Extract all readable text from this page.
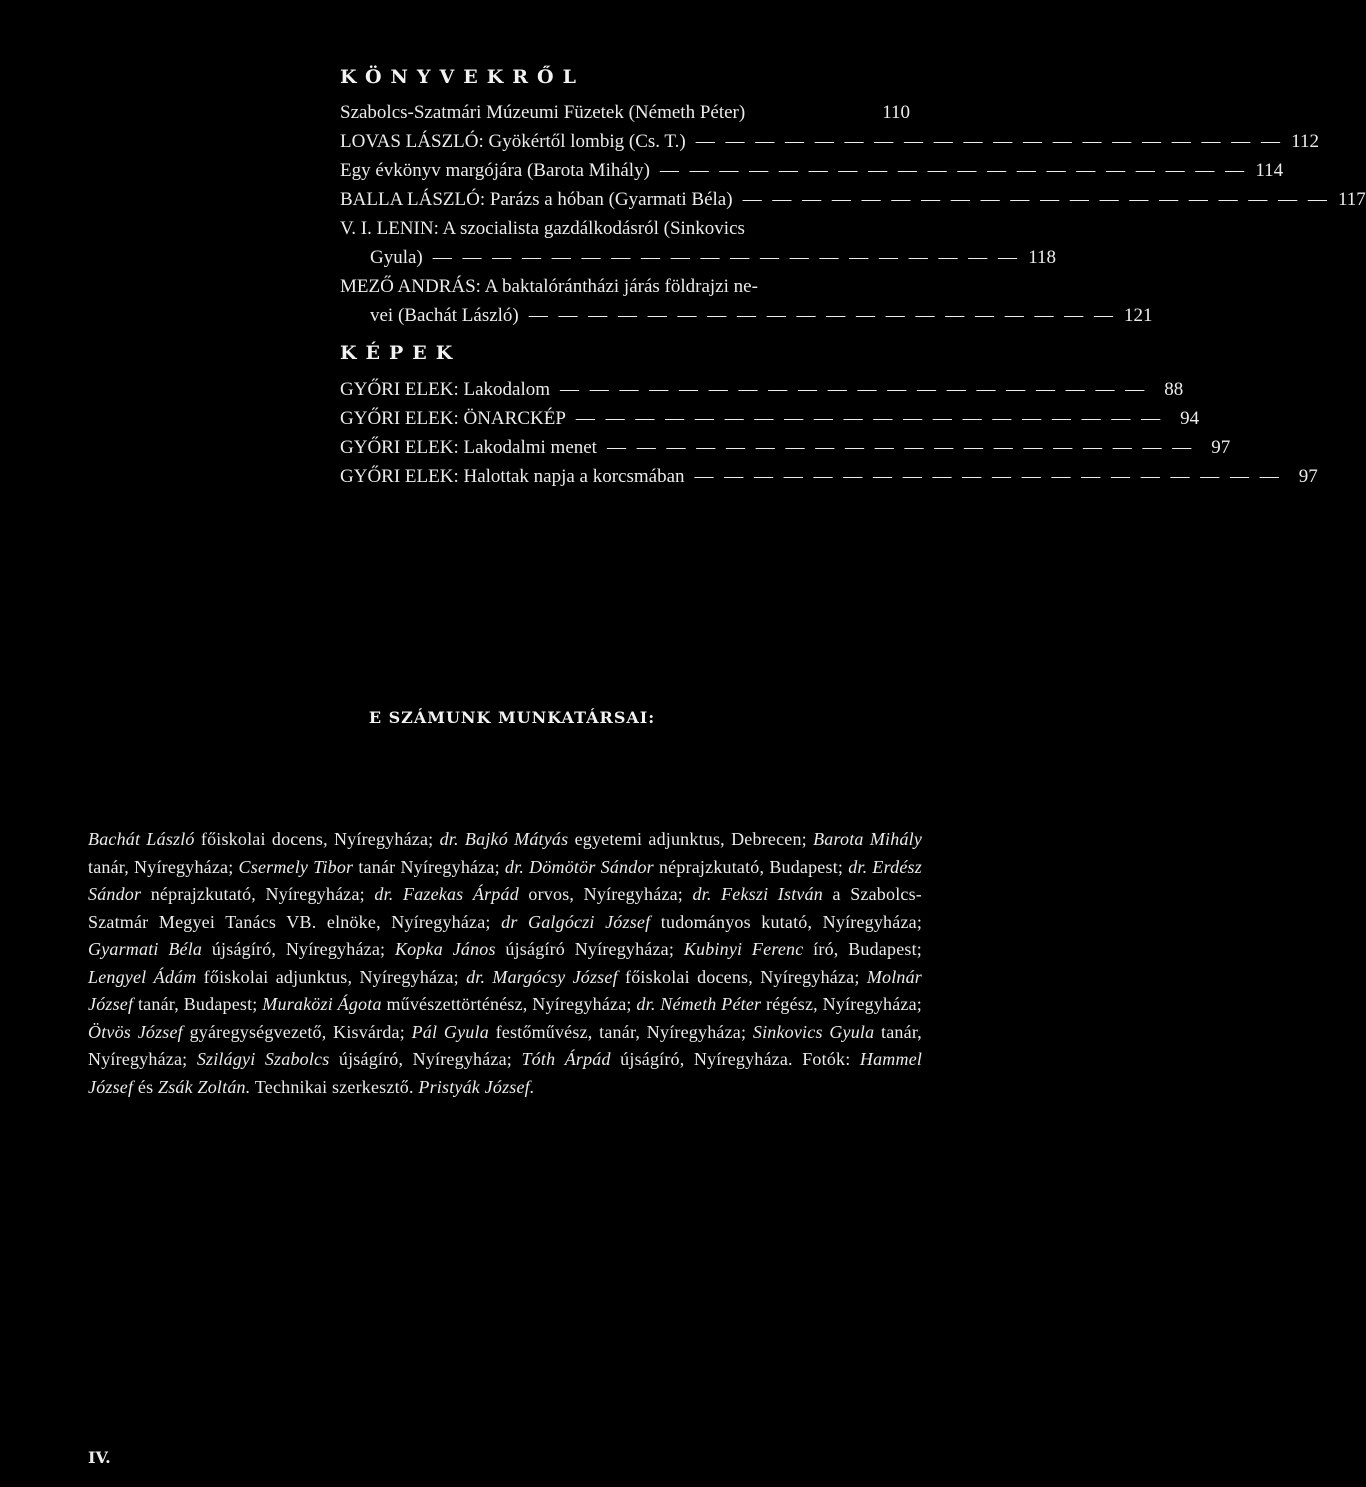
KÖNYVEKRŐL
Szabolcs-Szatmári Múzeumi Füzetek (Németh Péter)	110
LOVAS LÁSZLÓ: Gyökértől lombig (Cs. T.) — — —	112
Egy évkönyv margójára (Barota Mihály) — — —	114
BALLA LÁSZLÓ: Parázs a hóban (Gyarmati Béla) — — —	117
V. I. LENIN: A szocialista gazdálkodásról (Sinkovics
Gyula) — — —	118
MEZŐ ANDRÁS: A baktalórántházi járás földrajzi ne-
vei (Bachát László) — — —	121
KÉPEK
GYŐRI ELEK: Lakodalom — — —	88
GYŐRI ELEK: ÖNARCKÉP — — —	94
GYŐRI ELEK: Lakodalmi menet — — —	97
GYŐRI ELEK: Halottak napja a korcsmában — — —	97
E SZÁMUNK MUNKATÁRSAI:
Bachát László főiskolai docens, Nyíregyháza; dr. Bajkó Mátyás egyetemi adjunktus, Debrecen; Barota Mihály tanár, Nyíregyháza; Csermely Tibor tanár Nyíregyháza; dr. Dömötör Sándor néprajzkutató, Budapest; dr. Erdész Sándor néprajzkutató, Nyíregyháza; dr. Fazekas Árpád orvos, Nyíregyháza; dr. Fekszi István a Szabolcs-Szatmár Megyei Tanács VB. elnöke, Nyíregyháza; dr Galgóczi József tudományos kutató, Nyíregyháza; Gyarmati Béla újságíró, Nyíregyháza; Kopka János újságíró Nyíregyháza; Kubinyi Ferenc író, Budapest; Lengyel Ádám főiskolai adjunktus, Nyíregyháza; dr. Margócsy József főiskolai docens, Nyíregyháza; Molnár József tanár, Budapest; Muraközi Ágota művészettörténész, Nyíregyháza; dr. Németh Péter régész, Nyíregyháza; Ötvös József gyáregységvezető, Kisvárda; Pál Gyula festőművész, tanár, Nyíregyháza; Sinkovics Gyula tanár, Nyíregyháza; Szilágyi Szabolcs újságíró, Nyíregyháza; Tóth Árpád újságíró, Nyíregyháza. Fotók: Hammel József és Zsák Zoltán. Technikai szerkesztő. Pristyák József.
IV.
